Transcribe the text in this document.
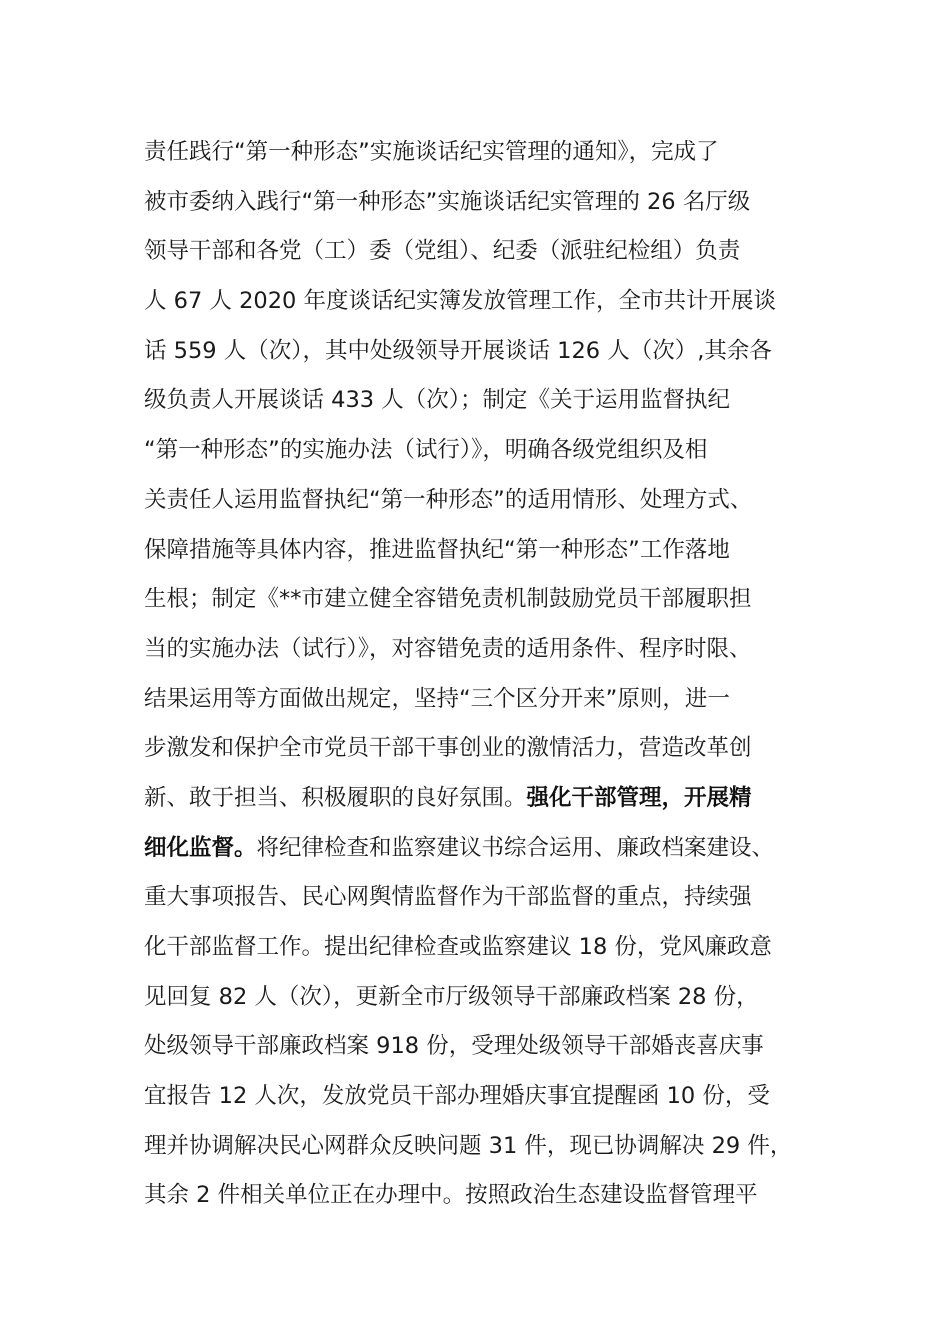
责任践行“第一种形态”实施谈话纪实管理的通知》，完成了
被市委纳入践行“第一种形态”实施谈话纪实管理的 26 名厅级
领导干部和各党（工）委（党组）、纪委（派驻纪检组）负责
人 67 人 2020 年度谈话纪实簿发放管理工作，全市共计开展谈
话 559 人（次），其中处级领导开展谈话 126 人（次）,其余各
级负责人开展谈话 433 人（次）；制定《关于运用监督执纪
“第一种形态”的实施办法（试行）》，明确各级党组织及相
关责任人运用监督执纪“第一种形态”的适用情形、处理方式、
保障措施等具体内容，推进监督执纪“第一种形态”工作落地
生根；制定《**市建立健全容错免责机制鼓励党员干部履职担
当的实施办法（试行）》，对容错免责的适用条件、程序时限、
结果运用等方面做出规定，坚持“三个区分开来”原则，进一
步激发和保护全市党员干部干事创业的激情活力，营造改革创
新、敢于担当、积极履职的良好氛围。强化干部管理，开展精
细化监督。将纪律检查和监察建议书综合运用、廉政档案建设、
重大事项报告、民心网舆情监督作为干部监督的重点，持续强
化干部监督工作。提出纪律检查或监察建议 18 份，党风廉政意
见回复 82 人（次），更新全市厅级领导干部廉政档案 28 份，
处级领导干部廉政档案 918 份，受理处级领导干部婚丧喜庆事
宜报告 12 人次，发放党员干部办理婚庆事宜提醒函 10 份，受
理并协调解决民心网群众反映问题 31 件，现已协调解决 29 件，
其余 2 件相关单位正在办理中。按照政治生态建设监督管理平
